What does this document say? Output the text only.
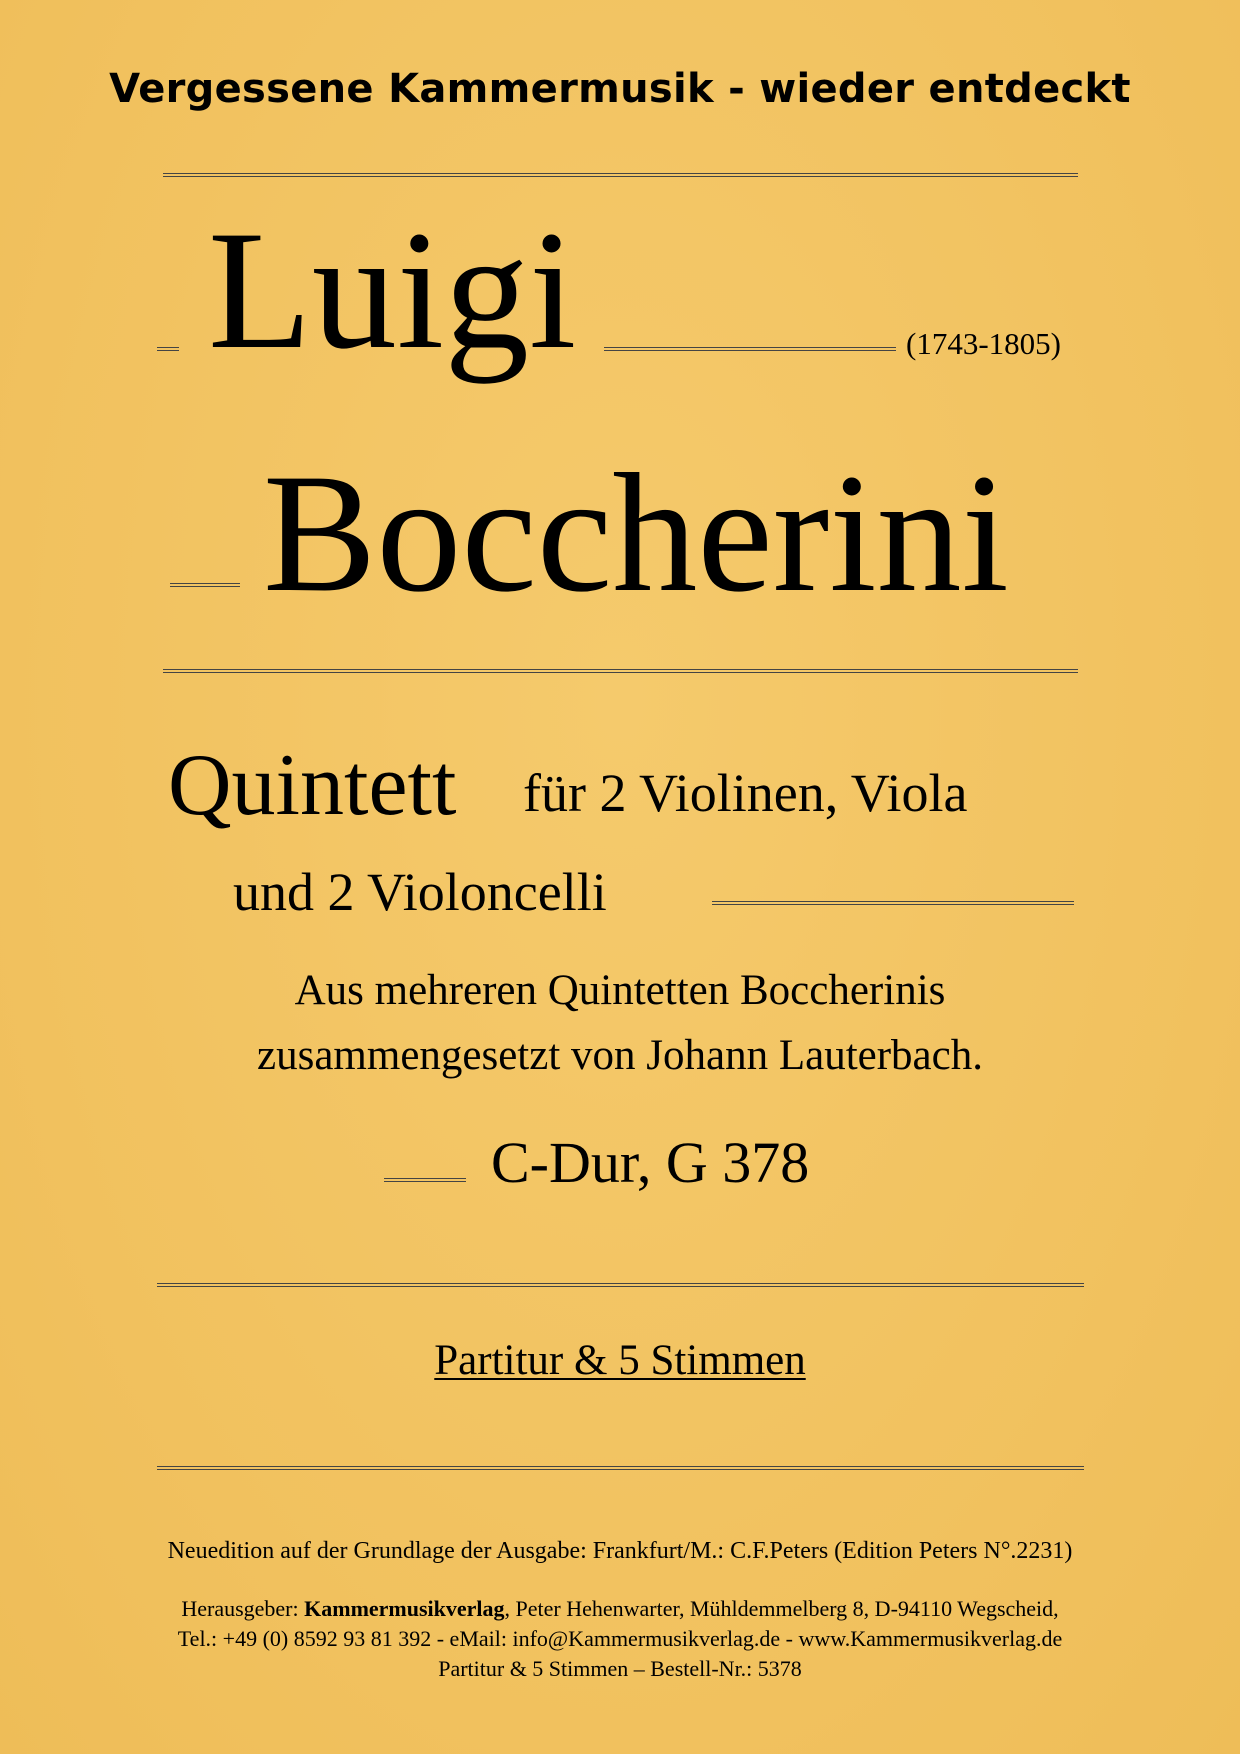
Vergessene Kammermusik - wieder entdeckt
Luigi	(1743-1805)
Boccherini
Quintett für 2 Violinen, Viola
und 2 Violoncelli
Aus mehreren Quintetten Boccherinis
zusammengesetzt von Johann Lauterbach.
C-Dur, G 378
Partitur & 5 Stimmen
Neuedition auf der Grundlage der Ausgabe: Frankfurt/M.: C.F.Peters (Edition Peters N°.2231)
Herausgeber: Kammermusikverlag, Peter Hehenwarter, Mühldemmelberg 8, D-94110 Wegscheid,
Tel.: +49 (0) 8592 93 81 392 - eMail: info@Kammermusikverlag.de - www.Kammermusikverlag.de
Partitur & 5 Stimmen – Bestell-Nr.: 5378
